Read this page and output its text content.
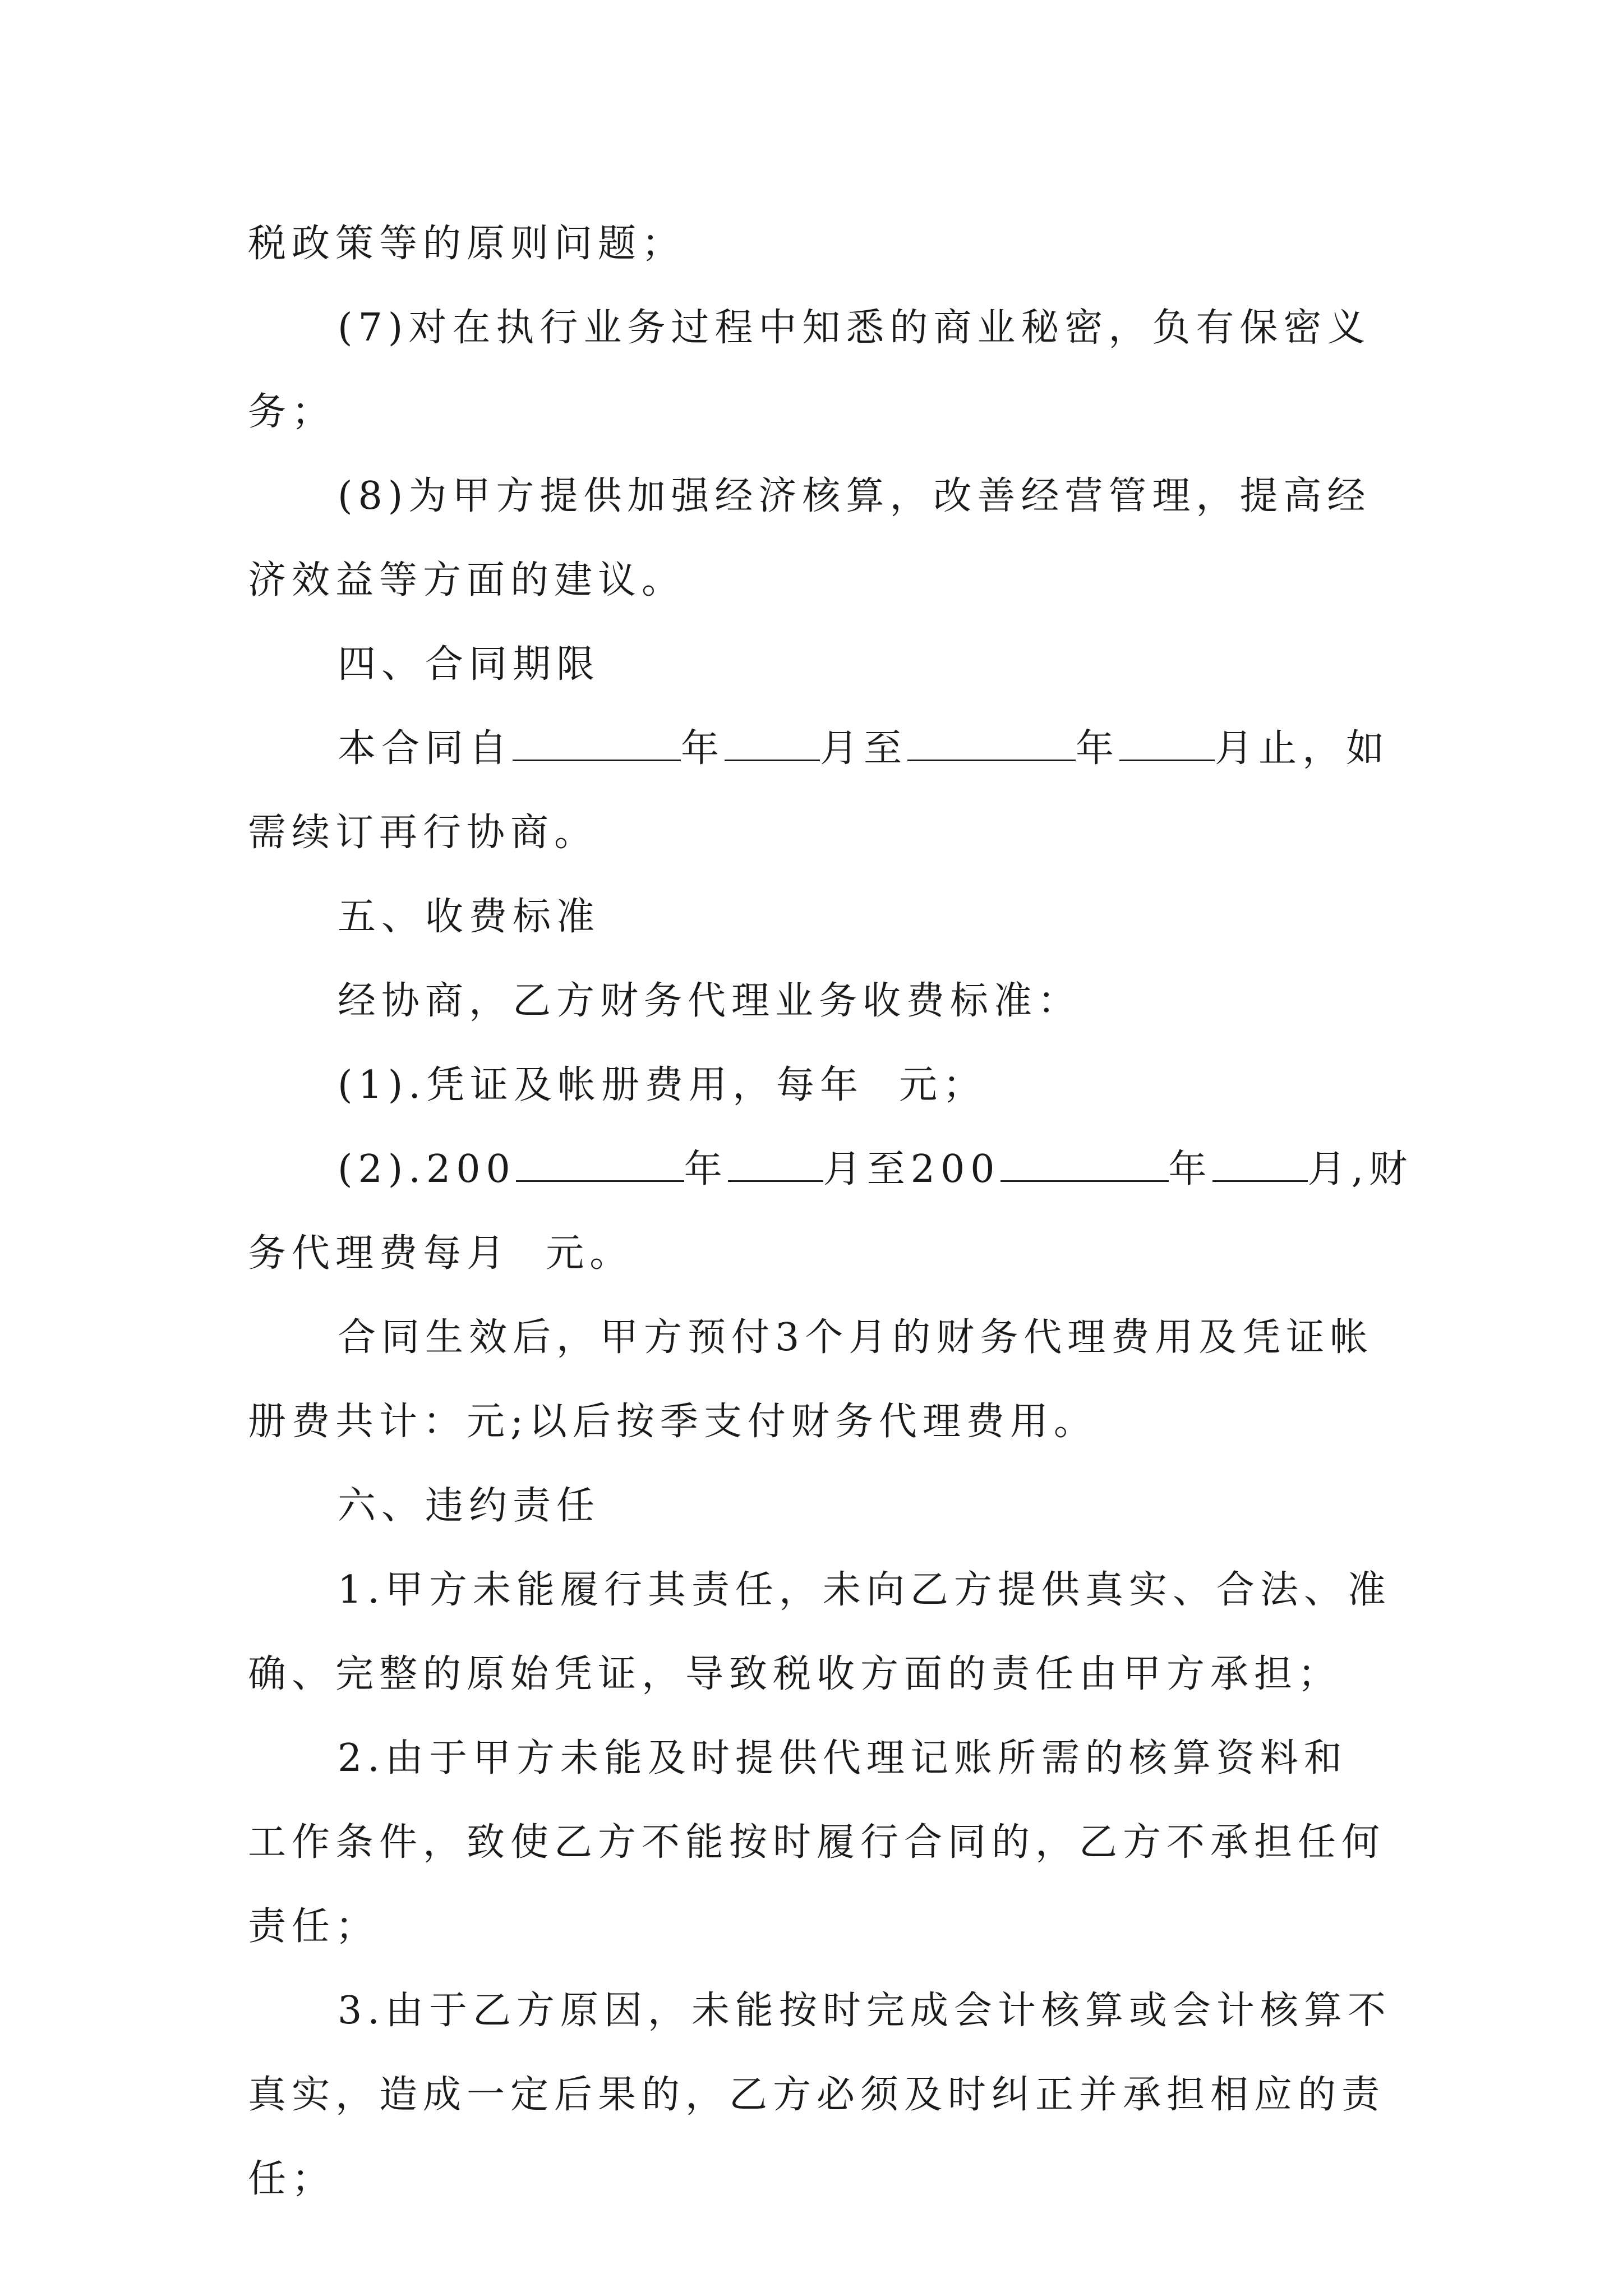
税政策等的原则问题；
(7)对在执行业务过程中知悉的商业秘密，负有保密义
务；
(8)为甲方提供加强经济核算，改善经营管理，提高经
济效益等方面的建议。
四、合同期限
本合同自	年	月至	年	月止，如
需续订再行协商。
五、收费标准
经协商，乙方财务代理业务收费标准：
(1).凭证及帐册费用，每年  元；
(2).200	年	月至200	年	月,财
务代理费每月  元。
合同生效后，甲方预付3个月的财务代理费用及凭证帐
册费共计：元;以后按季支付财务代理费用。
六、违约责任
1.甲方未能履行其责任，未向乙方提供真实、合法、准
确、完整的原始凭证，导致税收方面的责任由甲方承担；
2.由于甲方未能及时提供代理记账所需的核算资料和
工作条件，致使乙方不能按时履行合同的，乙方不承担任何
责任；
3.由于乙方原因，未能按时完成会计核算或会计核算不
真实，造成一定后果的，乙方必须及时纠正并承担相应的责
任；
